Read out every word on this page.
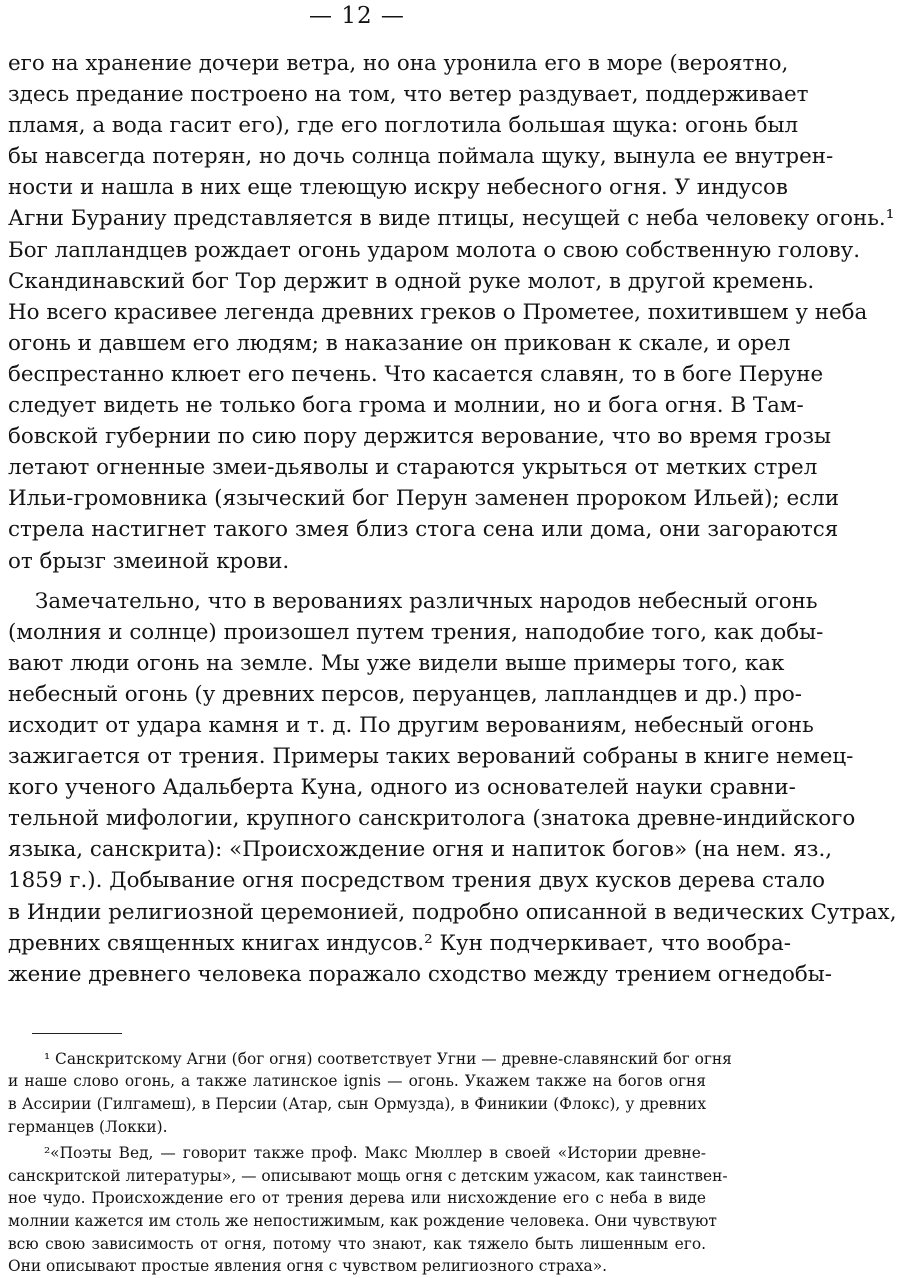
— 12 —
его на хранение дочери ветра, но она уронила его в море (вероятно,
здесь предание построено на том, что ветер раздувает, поддерживает
пламя, а вода гасит его), где его поглотила большая щука: огонь был
бы навсегда потерян, но дочь солнца поймала щуку, вынула ее внутрен-
ности и нашла в них еще тлеющую искру небесного огня. У индусов
Агни Бураниу представляется в виде птицы, несущей с неба человеку огонь.¹
Бог лапландцев рождает огонь ударом молота о свою собственную голову.
Скандинавский бог Тор держит в одной руке молот, в другой кремень.
Но всего красивее легенда древних греков о Прометее, похитившем у неба
огонь и давшем его людям; в наказание он прикован к скале, и орел
беспрестанно клюет его печень. Что касается славян, то в боге Перуне
следует видеть не только бога грома и молнии, но и бога огня. В Там-
бовской губернии по сию пору держится верование, что во время грозы
летают огненные змеи-дьяволы и стараются укрыться от метких стрел
Ильи-громовника (языческий бог Перун заменен пророком Ильей); если
стрела настигнет такого змея близ стога сена или дома, они загораются
от брызг змеиной крови.
Замечательно, что в верованиях различных народов небесный огонь
(молния и солнце) произошел путем трения, наподобие того, как добы-
вают люди огонь на земле. Мы уже видели выше примеры того, как
небесный огонь (у древних персов, перуанцев, лапландцев и др.) про-
исходит от удара камня и т. д. По другим верованиям, небесный огонь
зажигается от трения. Примеры таких верований собраны в книге немец-
кого ученого Адальберта Куна, одного из основателей науки сравни-
тельной мифологии, крупного санскритолога (знатока древне-индийского
языка, санскрита): «Происхождение огня и напиток богов» (на нем. яз.,
1859 г.). Добывание огня посредством трения двух кусков дерева стало
в Индии религиозной церемонией, подробно описанной в ведических Сутрах,
древних священных книгах индусов.² Кун подчеркивает, что вообра-
жение древнего человека поражало сходство между трением огнедобы-
¹ Санскритскому Агни (бог огня) соответствует Угни — древне-славянский бог огня
и наше слово огонь, а также латинское ignis — огонь. Укажем также на богов огня
в Ассирии (Гилгамеш), в Персии (Атар, сын Ормузда), в Финикии (Флокс), у древних
германцев (Локки).
²«Поэты Вед, — говорит также проф. Макс Мюллер в своей «Истории древне-
санскритской литературы», — описывают мощь огня с детским ужасом, как таинствен-
ное чудо. Происхождение его от трения дерева или нисхождение его с неба в виде
молнии кажется им столь же непостижимым, как рождение человека. Они чувствуют
всю свою зависимость от огня, потому что знают, как тяжело быть лишенным его.
Они описывают простые явления огня с чувством религиозного страха».
